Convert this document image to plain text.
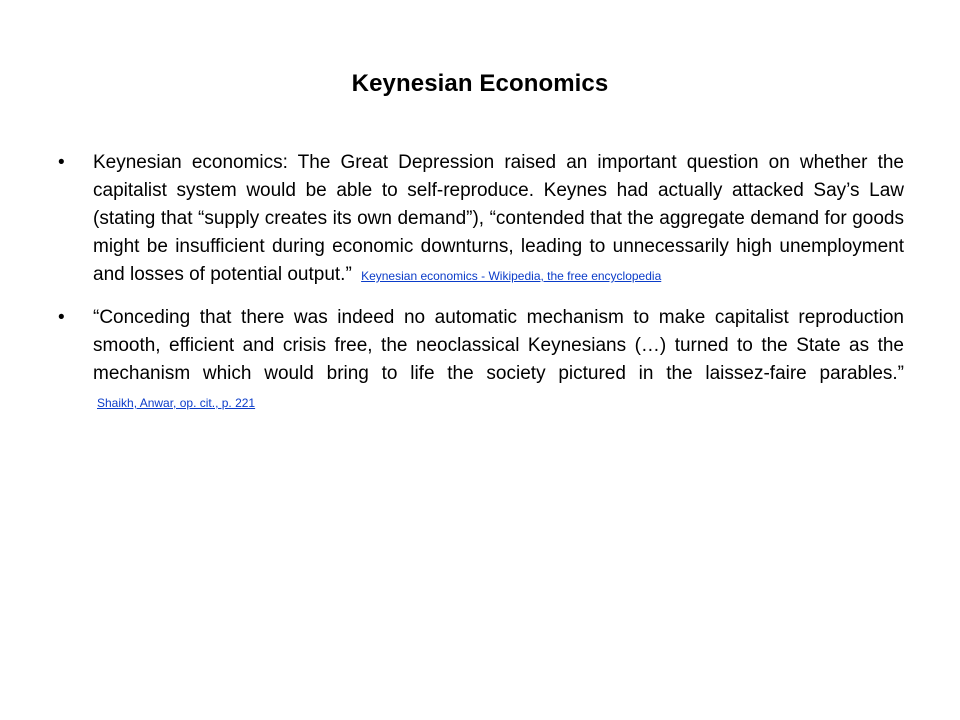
Keynesian Economics
• Keynesian economics: The Great Depression raised an important question on whether the capitalist system would be able to self-reproduce. Keynes had actually attacked Say’s Law (stating that “supply creates its own demand”), “contended that the aggregate demand for goods might be insufficient during economic downturns, leading to unnecessarily high unemployment and losses of potential output.” Keynesian economics - Wikipedia, the free encyclopedia
• “Conceding that there was indeed no automatic mechanism to make capitalist reproduction smooth, efficient and crisis free, the neoclassical Keynesians (…) turned to the State as the mechanism which would bring to life the society pictured in the laissez-faire parables.” Shaikh, Anwar, op. cit., p. 221
